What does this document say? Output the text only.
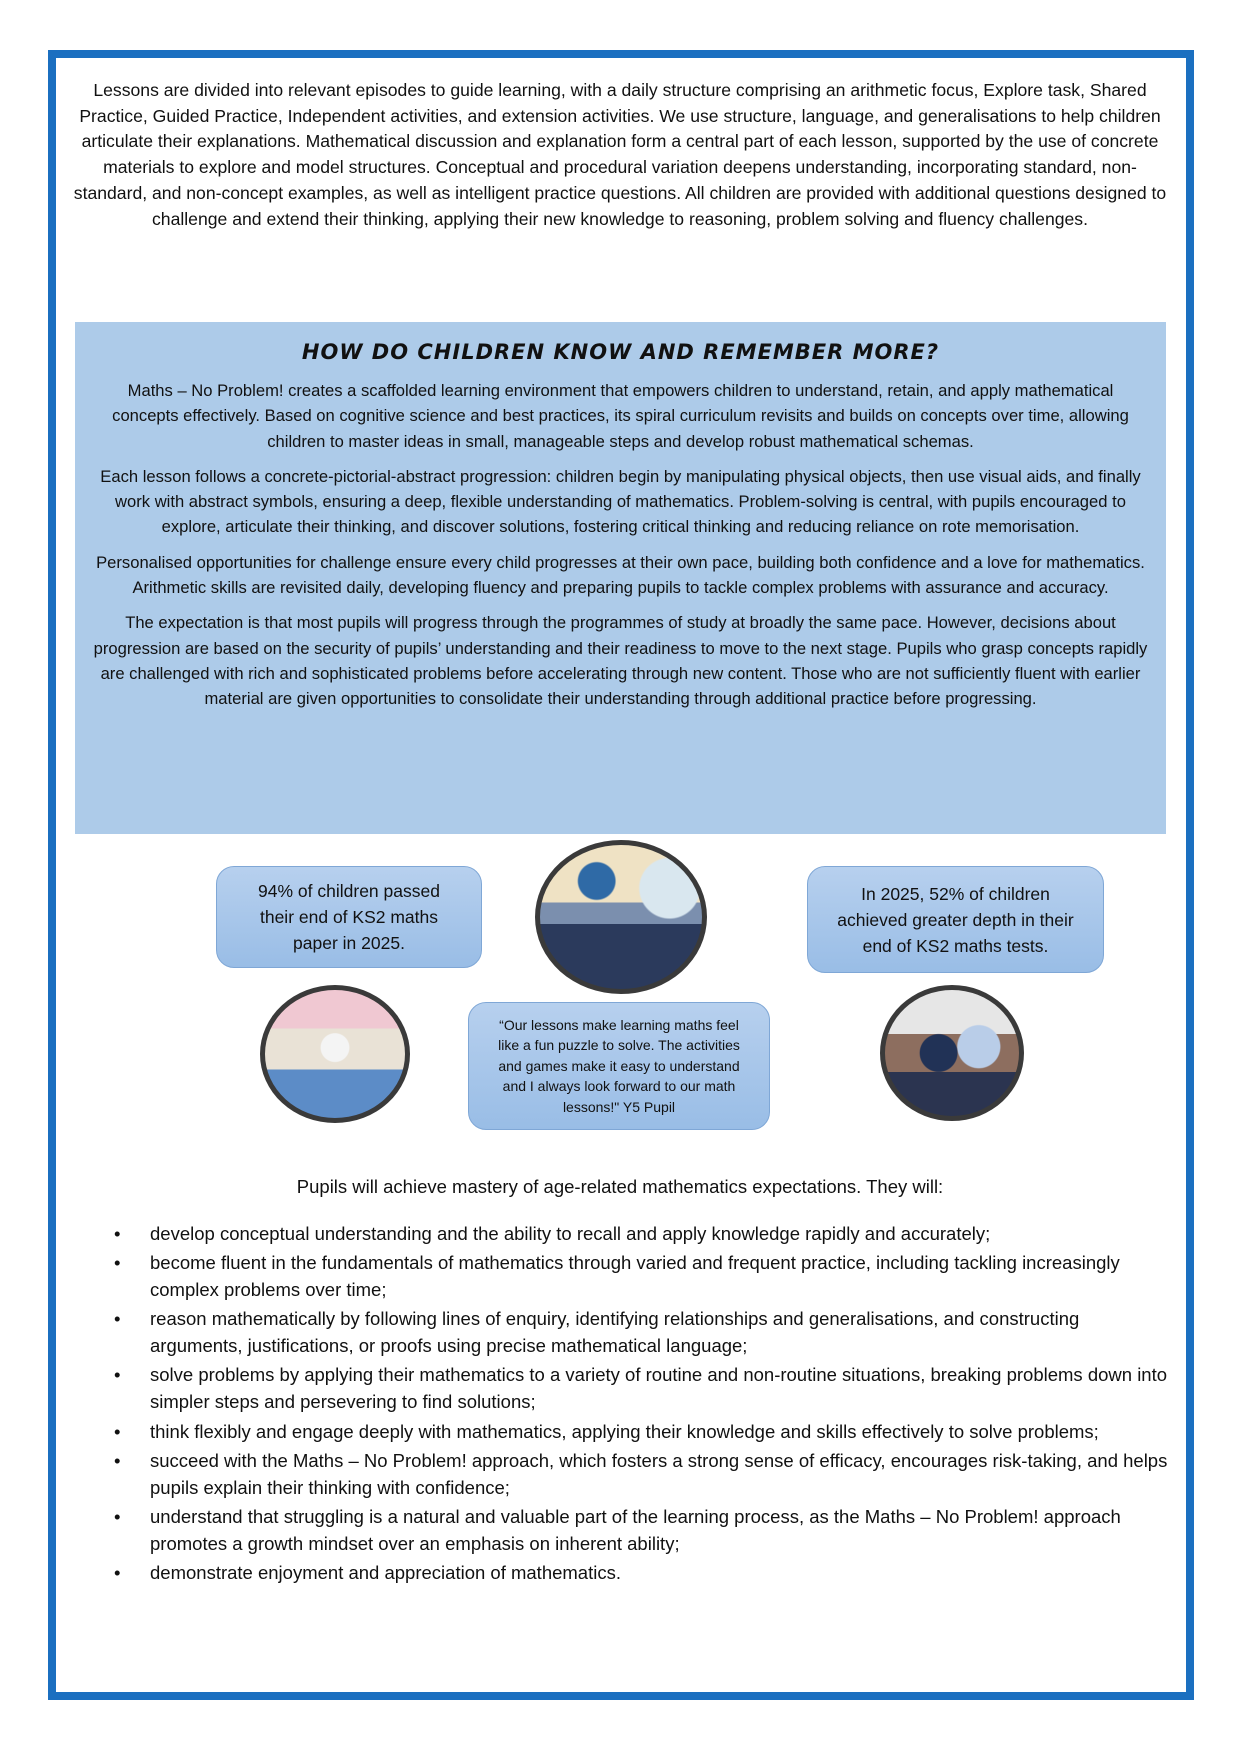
Lessons are divided into relevant episodes to guide learning, with a daily structure comprising an arithmetic focus, Explore task, Shared Practice, Guided Practice, Independent activities, and extension activities. We use structure, language, and generalisations to help children articulate their explanations. Mathematical discussion and explanation form a central part of each lesson, supported by the use of concrete materials to explore and model structures. Conceptual and procedural variation deepens understanding, incorporating standard, non-standard, and non-concept examples, as well as intelligent practice questions. All children are provided with additional questions designed to challenge and extend their thinking, applying their new knowledge to reasoning, problem solving and fluency challenges.

HOW DO CHILDREN KNOW AND REMEMBER MORE?

Maths – No Problem! creates a scaffolded learning environment that empowers children to understand, retain, and apply mathematical concepts effectively. Based on cognitive science and best practices, its spiral curriculum revisits and builds on concepts over time, allowing children to master ideas in small, manageable steps and develop robust mathematical schemas.

Each lesson follows a concrete-pictorial-abstract progression: children begin by manipulating physical objects, then use visual aids, and finally work with abstract symbols, ensuring a deep, flexible understanding of mathematics. Problem-solving is central, with pupils encouraged to explore, articulate their thinking, and discover solutions, fostering critical thinking and reducing reliance on rote memorisation.

Personalised opportunities for challenge ensure every child progresses at their own pace, building both confidence and a love for mathematics. Arithmetic skills are revisited daily, developing fluency and preparing pupils to tackle complex problems with assurance and accuracy.

The expectation is that most pupils will progress through the programmes of study at broadly the same pace. However, decisions about progression are based on the security of pupils’ understanding and their readiness to move to the next stage. Pupils who grasp concepts rapidly are challenged with rich and sophisticated problems before accelerating through new content. Those who are not sufficiently fluent with earlier material are given opportunities to consolidate their understanding through additional practice before progressing.

94% of children passed their end of KS2 maths paper in 2025.
In 2025, 52% of children achieved greater depth in their end of KS2 maths tests.
“Our lessons make learning maths feel like a fun puzzle to solve. The activities and games make it easy to understand and I always look forward to our math lessons!" Y5 Pupil

Pupils will achieve mastery of age-related mathematics expectations. They will:

• develop conceptual understanding and the ability to recall and apply knowledge rapidly and accurately;
• become fluent in the fundamentals of mathematics through varied and frequent practice, including tackling increasingly complex problems over time;
• reason mathematically by following lines of enquiry, identifying relationships and generalisations, and constructing arguments, justifications, or proofs using precise mathematical language;
• solve problems by applying their mathematics to a variety of routine and non-routine situations, breaking problems down into simpler steps and persevering to find solutions;
• think flexibly and engage deeply with mathematics, applying their knowledge and skills effectively to solve problems;
• succeed with the Maths – No Problem! approach, which fosters a strong sense of efficacy, encourages risk-taking, and helps pupils explain their thinking with confidence;
• understand that struggling is a natural and valuable part of the learning process, as the Maths – No Problem! approach promotes a growth mindset over an emphasis on inherent ability;
• demonstrate enjoyment and appreciation of mathematics.
